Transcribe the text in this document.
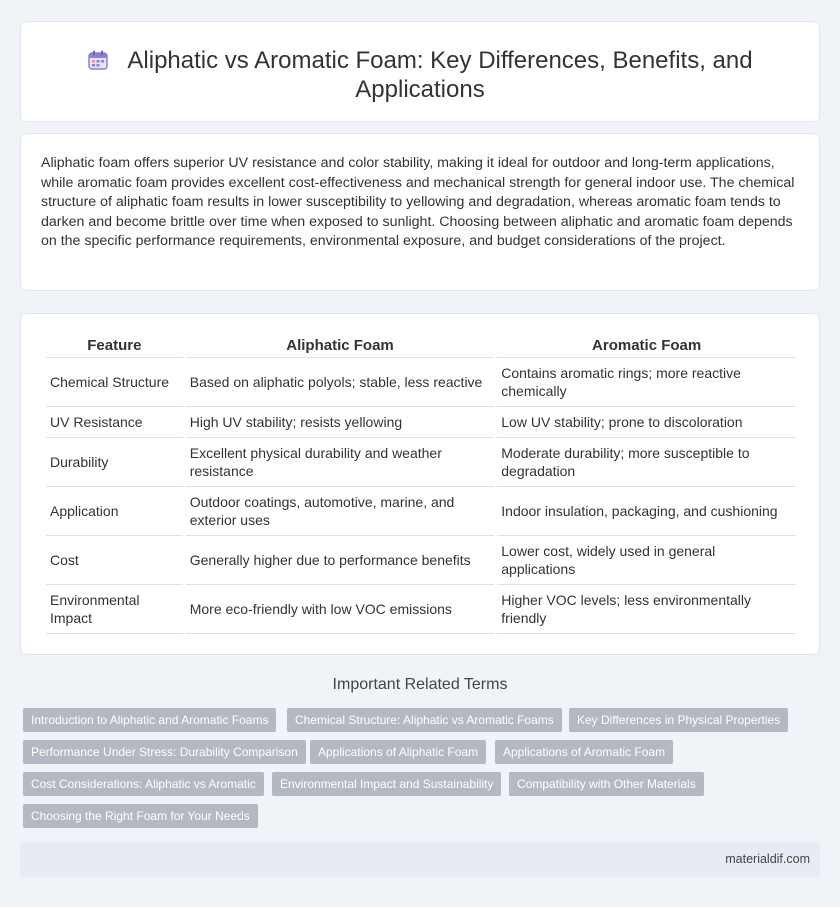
Aliphatic vs Aromatic Foam: Key Differences, Benefits, and Applications

Aliphatic foam offers superior UV resistance and color stability, making it ideal for outdoor and long-term applications, while aromatic foam provides excellent cost-effectiveness and mechanical strength for general indoor use. The chemical structure of aliphatic foam results in lower susceptibility to yellowing and degradation, whereas aromatic foam tends to darken and become brittle over time when exposed to sunlight. Choosing between aliphatic and aromatic foam depends on the specific performance requirements, environmental exposure, and budget considerations of the project.

Feature	Aliphatic Foam	Aromatic Foam
Chemical Structure	Based on aliphatic polyols; stable, less reactive	Contains aromatic rings; more reactive chemically
UV Resistance	High UV stability; resists yellowing	Low UV stability; prone to discoloration
Durability	Excellent physical durability and weather resistance	Moderate durability; more susceptible to degradation
Application	Outdoor coatings, automotive, marine, and exterior uses	Indoor insulation, packaging, and cushioning
Cost	Generally higher due to performance benefits	Lower cost, widely used in general applications
Environmental Impact	More eco-friendly with low VOC emissions	Higher VOC levels; less environmentally friendly
Important Related Terms
Introduction to Aliphatic and Aromatic Foams	Chemical Structure: Aliphatic vs Aromatic Foams	Key Differences in Physical Properties
Performance Under Stress: Durability Comparison	Applications of Aliphatic Foam	Applications of Aromatic Foam
Cost Considerations: Aliphatic vs Aromatic	Environmental Impact and Sustainability	Compatibility with Other Materials
Choosing the Right Foam for Your Needs
materialdif.com
